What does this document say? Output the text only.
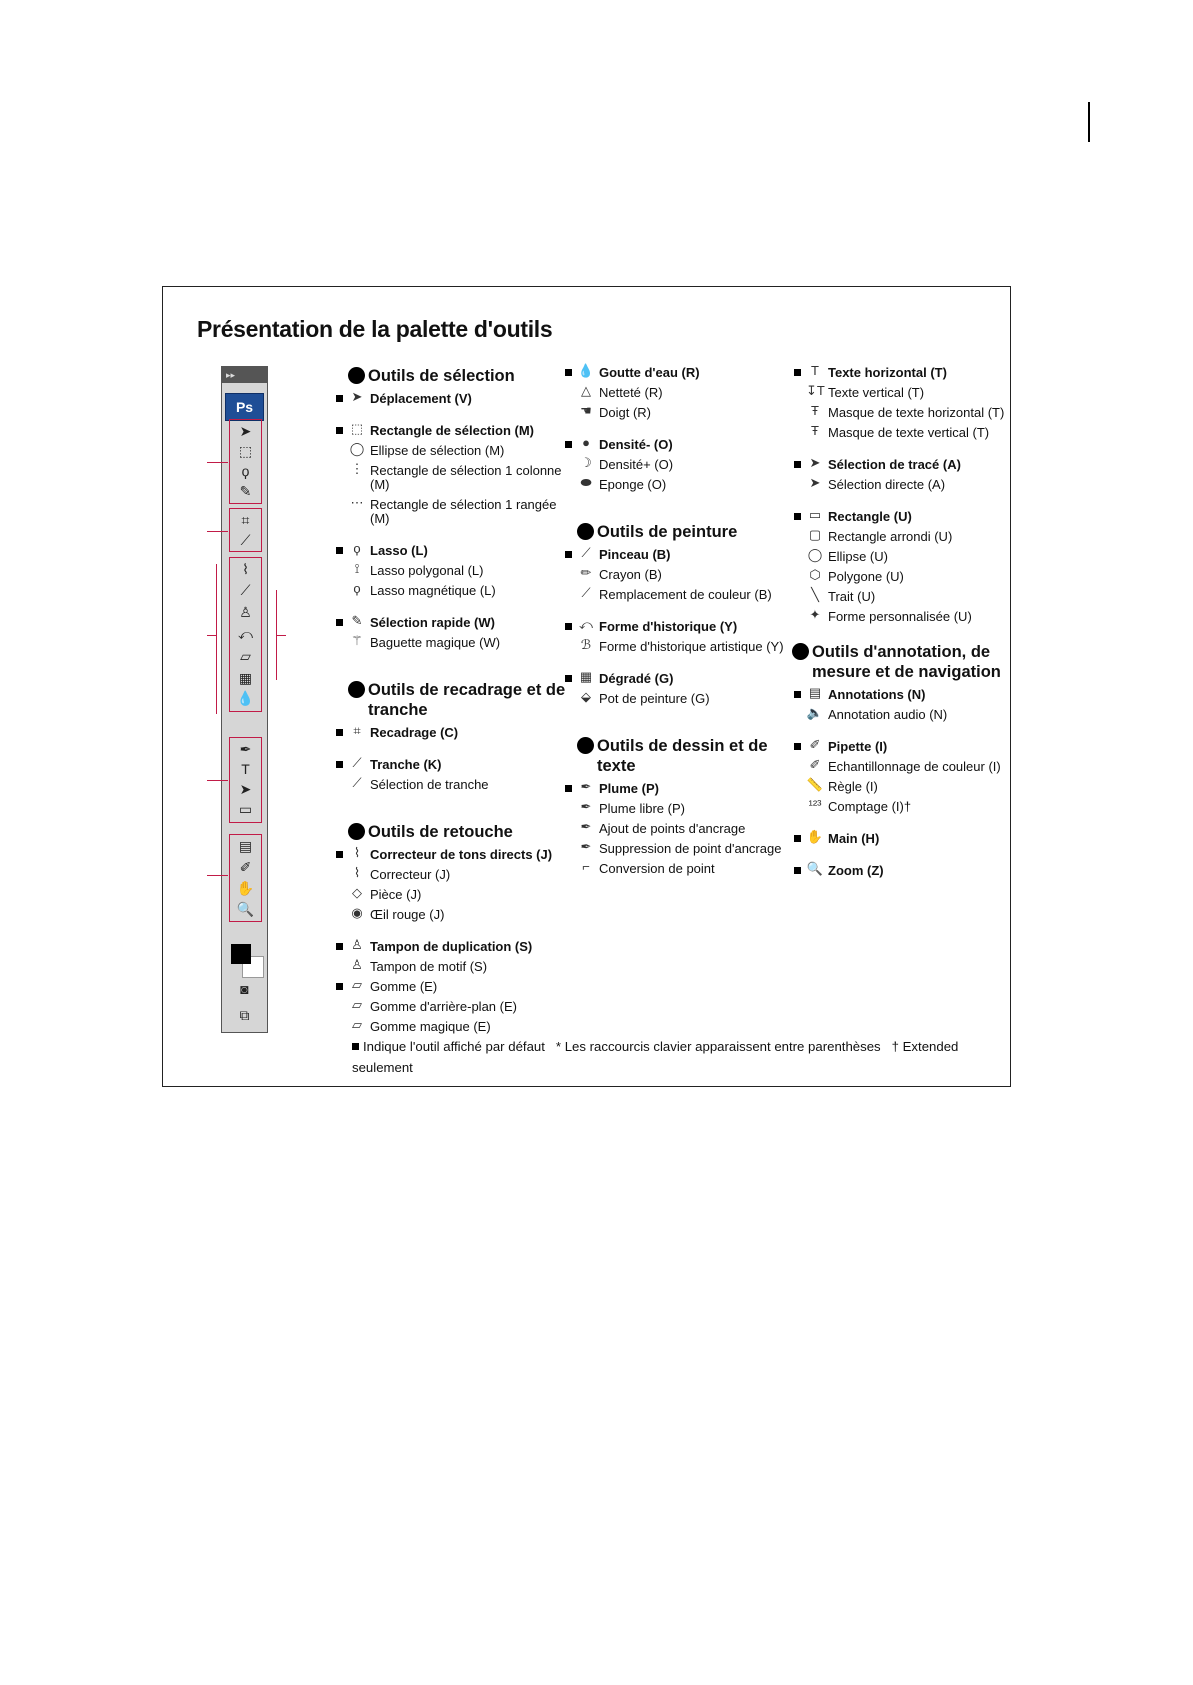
Présentation de la palette d'outils
▸▸
Ps
➤
⬚
ϙ
✎
⌗
⟋
⌇
⟋
♙
⤺
▱
▦
💧
✒
T
➤
▭
▤
✐
✋
🔍
◙
⧉
Outils de sélection
➤ Déplacement (V)
⬚ Rectangle de sélection (M)
◯ Ellipse de sélection (M)
⋮ Rectangle de sélection 1 colonne (M)
⋯ Rectangle de sélection 1 rangée (M)
ϙ Lasso (L)
⟟ Lasso polygonal (L)
ϙ Lasso magnétique (L)
✎ Sélection rapide (W)
⚚ Baguette magique (W)
Outils de recadrage et de tranche
⌗ Recadrage (C)
⟋ Tranche (K)
⟋ Sélection de tranche
Outils de retouche
⌇ Correcteur de tons directs (J)
⌇ Correcteur (J)
◇ Pièce (J)
◉ Œil rouge (J)
♙ Tampon de duplication (S)
♙ Tampon de motif (S)
▱ Gomme (E)
▱ Gomme d'arrière-plan (E)
▱ Gomme magique (E)
💧 Goutte d'eau (R)
△ Netteté (R)
☚ Doigt (R)
● Densité- (O)
☽ Densité+ (O)
⬬ Eponge (O)
Outils de peinture
⟋ Pinceau (B)
✏ Crayon (B)
⟋ Remplacement de couleur (B)
⤺ Forme d'historique (Y)
ℬ Forme d'historique artistique (Y)
▦ Dégradé (G)
⬙ Pot de peinture (G)
Outils de dessin et de texte
✒ Plume (P)
✒ Plume libre (P)
✒ Ajout de points d'ancrage
✒ Suppression de point d'ancrage
⌐ Conversion de point
T Texte horizontal (T)
↧T Texte vertical (T)
Ŧ Masque de texte horizontal (T)
Ŧ Masque de texte vertical (T)
➤ Sélection de tracé (A)
➤ Sélection directe (A)
▭ Rectangle (U)
▢ Rectangle arrondi (U)
◯ Ellipse (U)
⬡ Polygone (U)
╲ Trait (U)
✦ Forme personnalisée (U)
Outils d'annotation, de mesure et de navigation
▤ Annotations (N)
🔈 Annotation audio (N)
✐ Pipette (I)
✐ Echantillonnage de couleur (I)
📏 Règle (I)
¹²³ Comptage (I)†
✋ Main (H)
🔍 Zoom (Z)
Indique l'outil affiché par défaut * Les raccourcis clavier apparaissent entre parenthèses † Extended seulement
